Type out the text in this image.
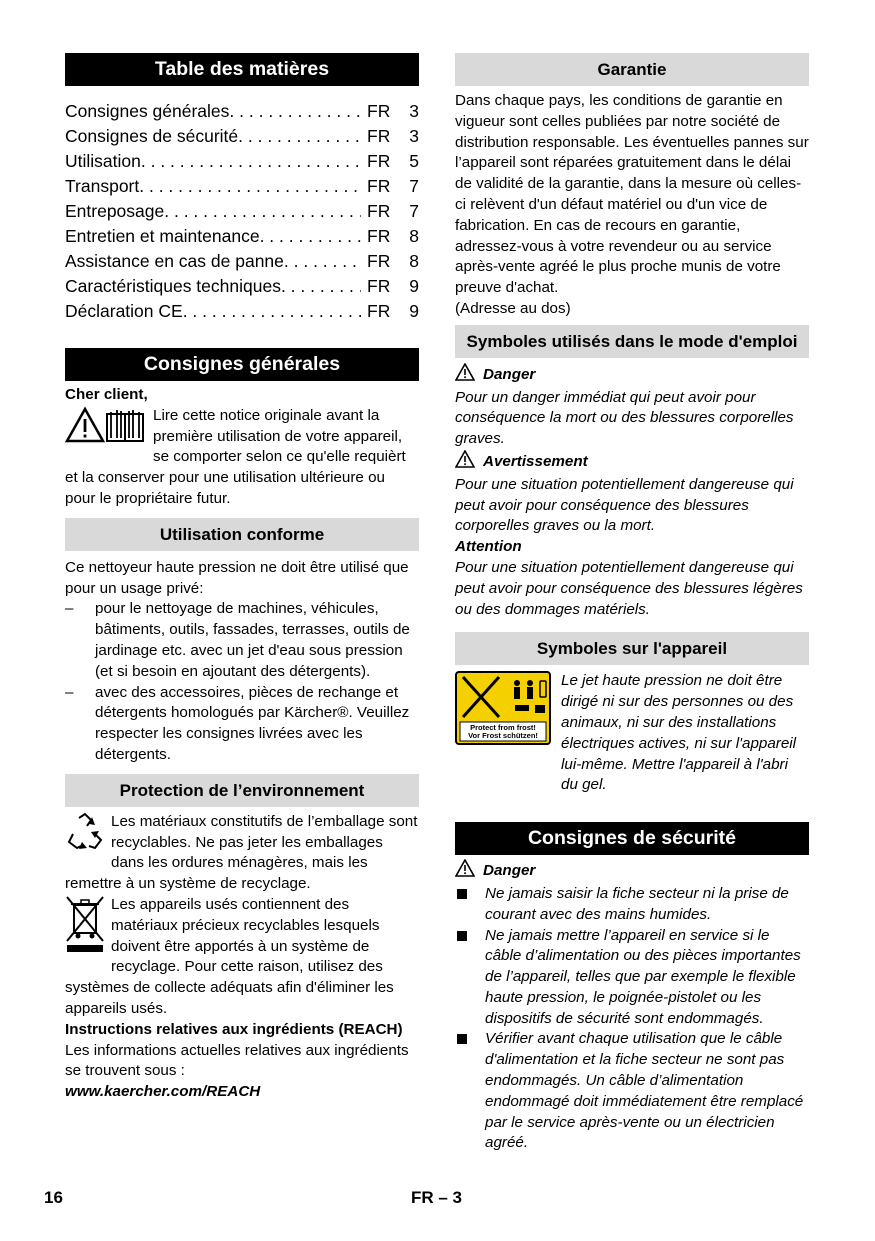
Table des matières
Consignes générales . . .	FR	3
Consignes de sécurité . . .	FR	3
Utilisation . . .	FR	5
Transport . . .	FR	7
Entreposage . . .	FR	7
Entretien et maintenance . . .	FR	8
Assistance en cas de panne . . .	FR	8
Caractéristiques techniques . . .	FR	9
Déclaration CE . . .	FR	9
Consignes générales

Cher client,

Lire cette notice originale avant la première utilisation de votre appareil, se comporter selon ce qu'elle requièrt et la conserver pour une utilisation ultérieure ou pour le propriétaire futur.
Utilisation conforme

Ce nettoyeur haute pression ne doit être utilisé que pour un usage privé:

– pour le nettoyage de machines, véhicules, bâtiments, outils, fassades, terrasses, outils de jardinage etc. avec un jet d'eau sous pression (et si besoin en ajoutant des détergents).
– avec des accessoires, pièces de rechange et détergents homologués par Kärcher®. Veuillez respecter les consignes livrées avec les détergents.
Protection de l’environnement
Les matériaux constitutifs de l’emballage sont recyclables. Ne pas jeter les emballages dans les ordures ménagères, mais les remettre à un système de recyclage.
Les appareils usés contiennent des matériaux précieux recyclables lesquels doivent être apportés à un système de recyclage. Pour cette raison, utilisez des systèmes de collecte adéquats afin d'éliminer les appareils usés.

Instructions relatives aux ingrédients (REACH)

Les informations actuelles relatives aux ingrédients se trouvent sous :

www.kaercher.com/REACH

Garantie

Dans chaque pays, les conditions de garantie en vigueur sont celles publiées par notre société de distribution responsable. Les éventuelles pannes sur l’appareil sont réparées gratuitement dans le délai de validité de la garantie, dans la mesure où celles-ci relèvent d'un défaut matériel ou d'un vice de fabrication. En cas de recours en garantie, adressez-vous à votre revendeur ou au service après-vente agréé le plus proche munis de votre preuve d'achat.

(Adresse au dos)

Symboles utilisés dans le mode d'emploi
Danger

Pour un danger immédiat qui peut avoir pour conséquence la mort ou des blessures corporelles graves.

Avertissement

Pour une situation potentiellement dangereuse qui peut avoir pour conséquence des blessures corporelles graves ou la mort.

Attention

Pour une situation potentiellement dangereuse qui peut avoir pour conséquence des blessures légères ou des dommages matériels.

Symboles sur l'appareil
Protect from frost!
Vor Frost schützen!

Le jet haute pression ne doit être dirigé ni sur des personnes ou des animaux, ni sur des installations électriques actives, ni sur l'appareil lui-même. Mettre l'appareil à l'abri du gel.

Consignes de sécurité
Danger
Ne jamais saisir la fiche secteur ni la prise de courant avec des mains humides.
Ne jamais mettre l’appareil en service si le câble d’alimentation ou des pièces importantes de l’appareil, telles que par exemple le flexible haute pression, le poignée-pistolet ou les dispositifs de sécurité sont endommagés.
Vérifier avant chaque utilisation que le câble d'alimentation et la fiche secteur ne sont pas endommagés. Un câble d’alimentation endommagé doit immédiatement être remplacé par le service après-vente ou un électricien agréé.
16	FR – 3
